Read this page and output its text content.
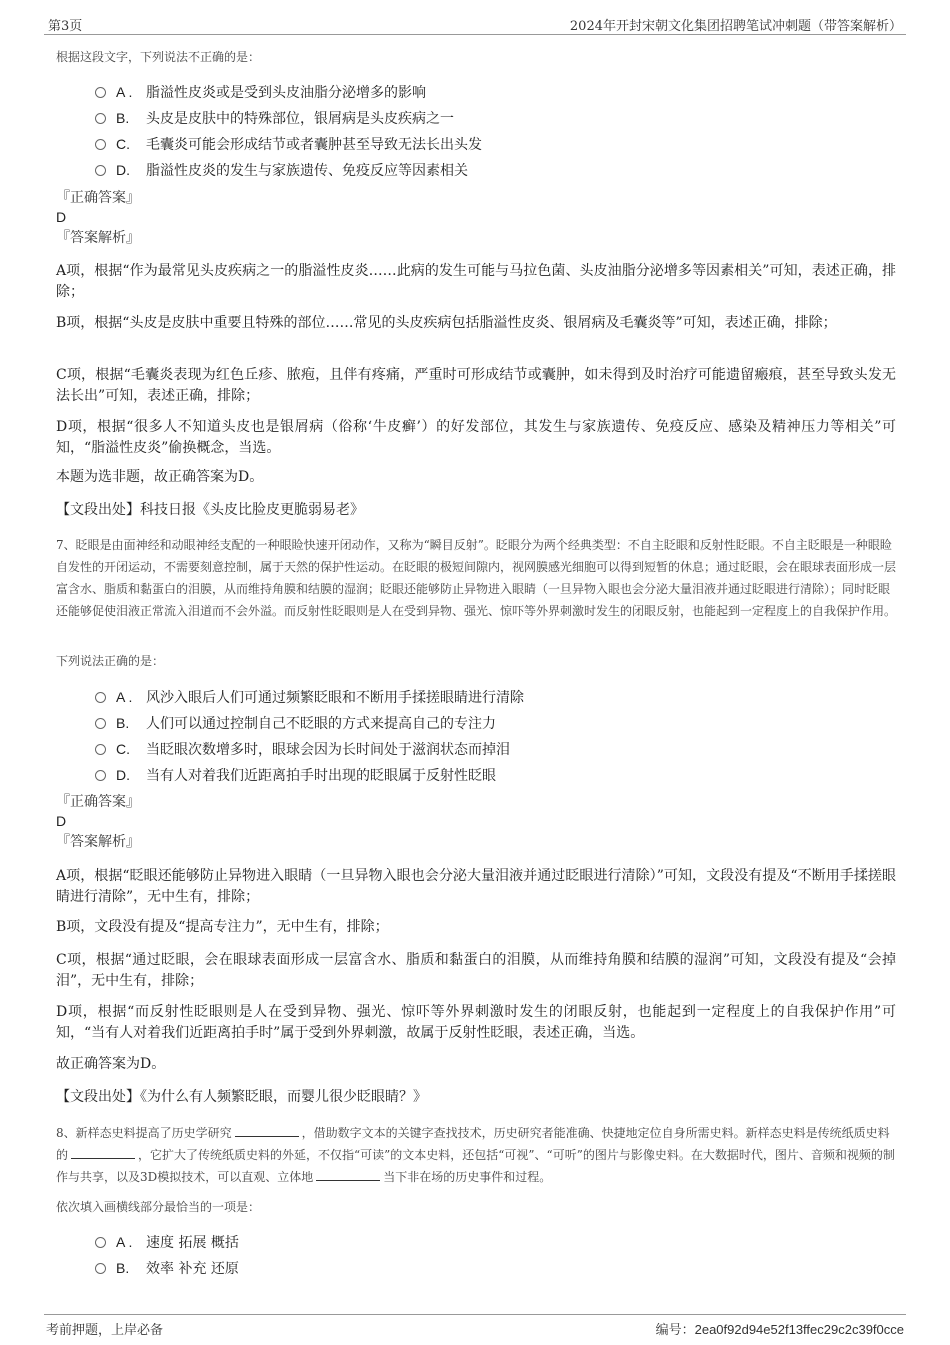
第3页	2024年开封宋朝文化集团招聘笔试冲刺题（带答案解析）
根据这段文字，下列说法不正确的是：
A . 脂溢性皮炎或是受到头皮油脂分泌增多的影响
B. 头皮是皮肤中的特殊部位，银屑病是头皮疾病之一
C. 毛囊炎可能会形成结节或者囊肿甚至导致无法长出头发
D. 脂溢性皮炎的发生与家族遗传、免疫反应等因素相关
『正确答案』
D
『答案解析』
A项，根据“作为最常见头皮疾病之一的脂溢性皮炎……此病的发生可能与马拉色菌、头皮油脂分泌增多等因素相关”可知，表述正确，排除；
B项，根据“头皮是皮肤中重要且特殊的部位……常见的头皮疾病包括脂溢性皮炎、银屑病及毛囊炎等”可知，表述正确，排除；
C项，根据“毛囊炎表现为红色丘疹、脓疱，且伴有疼痛，严重时可形成结节或囊肿，如未得到及时治疗可能遗留瘢痕，甚至导致头发无法长出”可知，表述正确，排除；
D项，根据“很多人不知道头皮也是银屑病（俗称‘牛皮癣’）的好发部位，其发生与家族遗传、免疫反应、感染及精神压力等相关”可知，“脂溢性皮炎”偷换概念，当选。
本题为选非题，故正确答案为D。
【文段出处】科技日报《头皮比脸皮更脆弱易老》
7、眨眼是由面神经和动眼神经支配的一种眼睑快速开闭动作，又称为“瞬目反射”。眨眼分为两个经典类型：不自主眨眼和反射性眨眼。不自主眨眼是一种眼睑自发性的开闭运动，不需要刻意控制，属于天然的保护性运动。在眨眼的极短间隙内，视网膜感光细胞可以得到短暂的休息；通过眨眼，会在眼球表面形成一层富含水、脂质和黏蛋白的泪膜，从而维持角膜和结膜的湿润；眨眼还能够防止异物进入眼睛（一旦异物入眼也会分泌大量泪液并通过眨眼进行清除）；同时眨眼还能够促使泪液正常流入泪道而不会外溢。而反射性眨眼则是人在受到异物、强光、惊吓等外界刺激时发生的闭眼反射，也能起到一定程度上的自我保护作用。
下列说法正确的是：
A . 风沙入眼后人们可通过频繁眨眼和不断用手揉搓眼睛进行清除
B. 人们可以通过控制自己不眨眼的方式来提高自己的专注力
C. 当眨眼次数增多时，眼球会因为长时间处于滋润状态而掉泪
D. 当有人对着我们近距离拍手时出现的眨眼属于反射性眨眼
『正确答案』
D
『答案解析』
A项，根据“眨眼还能够防止异物进入眼睛（一旦异物入眼也会分泌大量泪液并通过眨眼进行清除）”可知，文段没有提及“不断用手揉搓眼睛进行清除”，无中生有，排除；
B项，文段没有提及“提高专注力”，无中生有，排除；
C项，根据“通过眨眼，会在眼球表面形成一层富含水、脂质和黏蛋白的泪膜，从而维持角膜和结膜的湿润”可知，文段没有提及“会掉泪”，无中生有，排除；
D项，根据“而反射性眨眼则是人在受到异物、强光、惊吓等外界刺激时发生的闭眼反射，也能起到一定程度上的自我保护作用”可知，“当有人对着我们近距离拍手时”属于受到外界刺激，故属于反射性眨眼，表述正确，当选。
故正确答案为D。
【文段出处】《为什么有人频繁眨眼，而婴儿很少眨眼睛？》
8、新样态史料提高了历史学研究	，借助数字文本的关键字查找技术，历史研究者能准确、快捷地定位自身所需史料。新样态史料是传统纸质史料的	，它扩大了传统纸质史料的外延，不仅指“可读”的文本史料，还包括“可视”、“可听”的图片与影像史料。在大数据时代，图片、音频和视频的制作与共享，以及3D模拟技术，可以直观、立体地	当下非在场的历史事件和过程。
依次填入画横线部分最恰当的一项是：
A . 速度 拓展 概括
B. 效率 补充 还原
考前押题，上岸必备	编号：2ea0f92d94e52f13ffec29c2c39f0cce
